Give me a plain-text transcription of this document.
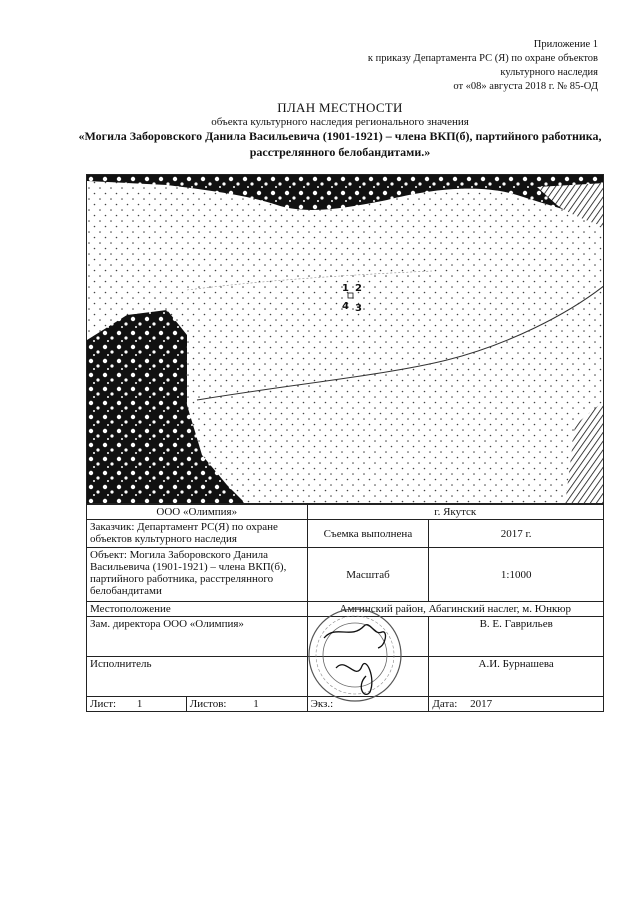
Приложение 1
к приказу Департамента РС (Я) по охране объектов
культурного наследия
от «08» августа 2018 г. № 85-ОД
ПЛАН МЕСТНОСТИ
объекта культурного наследия регионального значения
«Могила Заборовского Данила Васильевича (1901-1921) – члена ВКП(б), партийного работника, расстрелянного белобандитами.»
1 2
4 3
ООО «Олимпия»		г. Якутск	
Заказчик: Департамент РС(Я) по охране объектов культурного наследия		Съемка выполнена	2017 г.
Объект: Могила Заборовского Данила Васильевича (1901-1921) – члена ВКП(б), партийного работника, расстрелянного белобандитами		Масштаб	1:1000
Местоположение		Амгинский район, Абагинский наслег, м. Юнкюр	
Зам. директора ООО «Олимпия»			В. Е. Гаврильев
Исполнитель			А.И. Бурнашева
Лист: 1	Листов: 1	Экз.:	Дата: 2017
